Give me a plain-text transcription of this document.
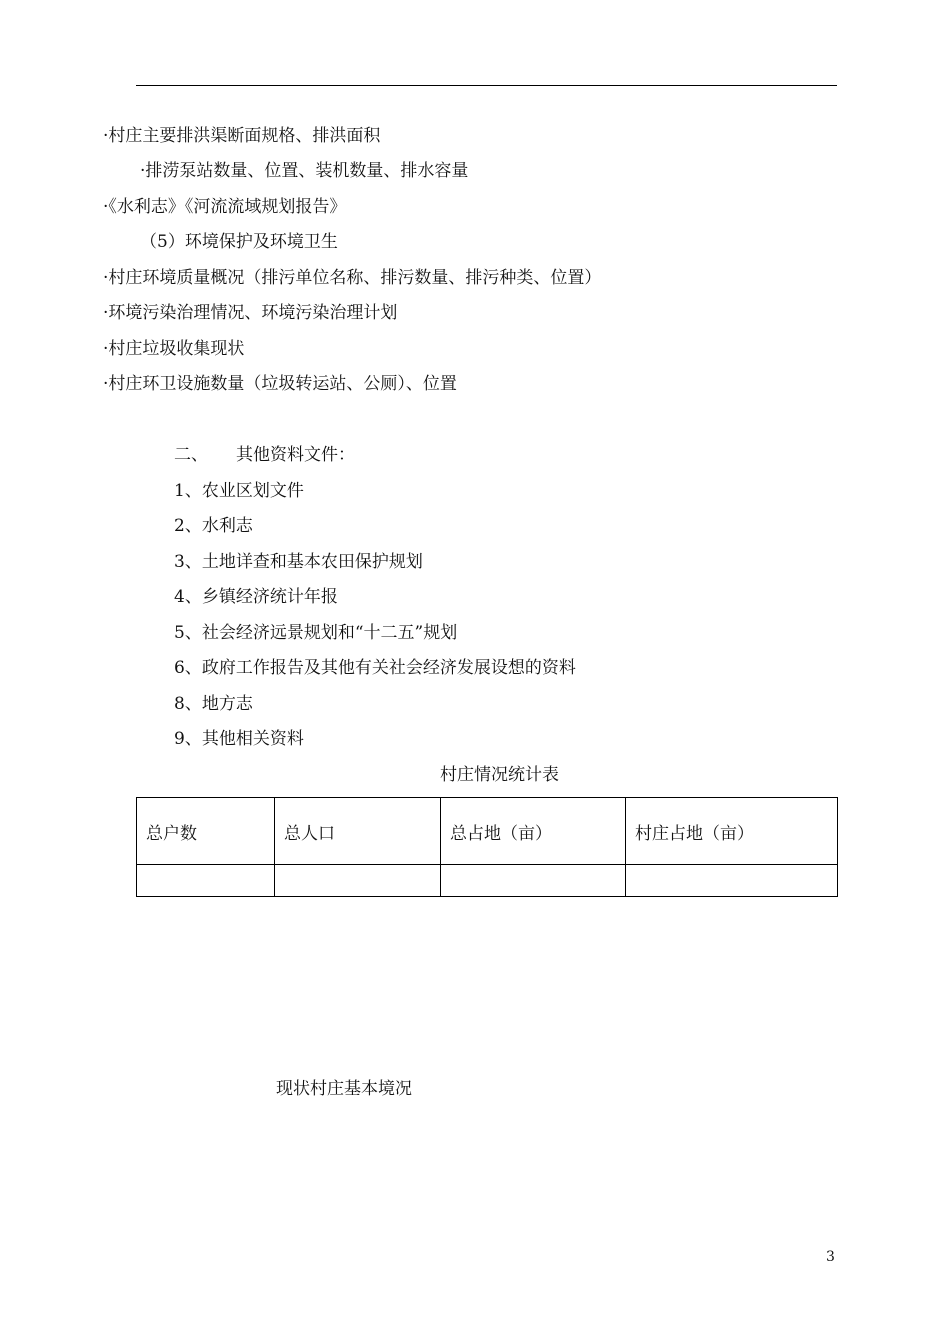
·村庄主要排洪渠断面规格、排洪面积
·排涝泵站数量、位置、装机数量、排水容量
·《水利志》《河流流域规划报告》
（5）环境保护及环境卫生
·村庄环境质量概况（排污单位名称、排污数量、排污种类、位置）
·环境污染治理情况、环境污染治理计划
·村庄垃圾收集现状
·村庄环卫设施数量（垃圾转运站、公厕）、位置
二、 其他资料文件：
1、农业区划文件
2、水利志
3、土地详查和基本农田保护规划
4、乡镇经济统计年报
5、社会经济远景规划和“十二五”规划
6、政府工作报告及其他有关社会经济发展设想的资料
8、地方志
9、其他相关资料
村庄情况统计表
总户数	总人口	总占地（亩）	村庄占地（亩）

现状村庄基本境况
3
